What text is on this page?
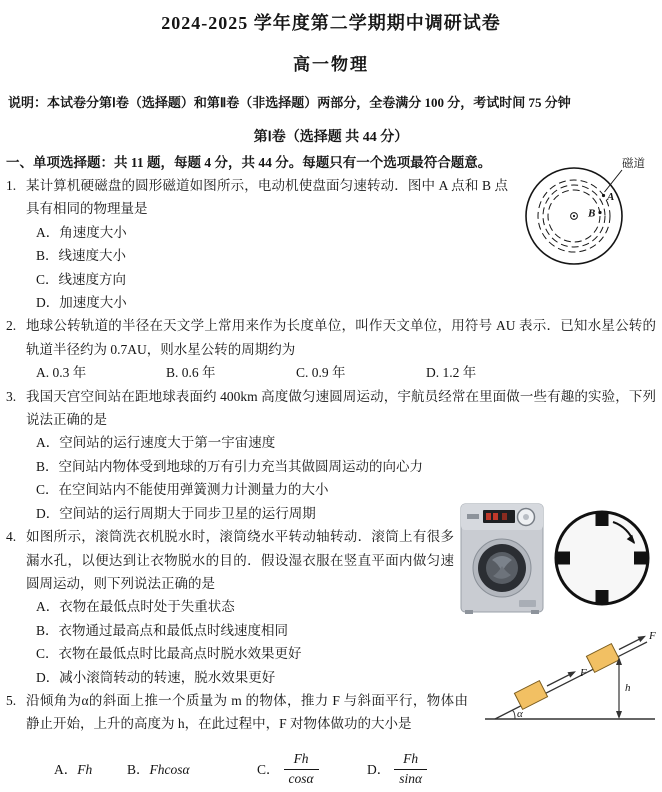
2024-2025 学年度第二学期期中调研试卷
高一物理
说明：本试卷分第Ⅰ卷（选择题）和第Ⅱ卷（非选择题）两部分，全卷满分 100 分，考试时间 75 分钟
第Ⅰ卷（选择题 共 44 分）
一、单项选择题：共 11 题，每题 4 分，共 44 分。每题只有一个选项最符合题意。
1. 某计算机硬磁盘的圆形磁道如图所示，电动机使盘面匀速转动．图中 A 点和 B 点具有相同的物理量是
A．角速度大小
B．线速度大小
C．线速度方向
D．加速度大小
2. 地球公转轨道的半径在天文学上常用来作为长度单位，叫作天文单位，用符号 AU 表示．已知水星公转的轨道半径约为 0.7AU，则水星公转的周期约为
A. 0.3 年	B. 0.6 年	C. 0.9 年	D. 1.2 年
3. 我国天宫空间站在距地球表面约 400km 高度做匀速圆周运动，宇航员经常在里面做一些有趣的实验，下列说法正确的是
A．空间站的运行速度大于第一宇宙速度
B．空间站内物体受到地球的万有引力充当其做圆周运动的向心力
C．在空间站内不能使用弹簧测力计测量力的大小
D．空间站的运行周期大于同步卫星的运行周期
4. 如图所示，滚筒洗衣机脱水时，滚筒绕水平转动轴转动．滚筒上有很多漏水孔，以便达到让衣物脱水的目的．假设湿衣服在竖直平面内做匀速圆周运动，则下列说法正确的是
A．衣物在最低点时处于失重状态
B．衣物通过最高点和最低点时线速度相同
C．衣物在最低点时比最高点时脱水效果更好
D．减小滚筒转动的转速，脱水效果更好
5. 沿倾角为α的斜面上推一个质量为 m 的物体，推力 F 与斜面平行，物体由静止开始，上升的高度为 h，在此过程中，F 对物体做功的大小是
A． Fh	B． Fhcosα	C． $\frac{Fh}{\cos\alpha}$	D． $\frac{Fh}{\sin\alpha}$
A
B
磁道
α
F
F
h
